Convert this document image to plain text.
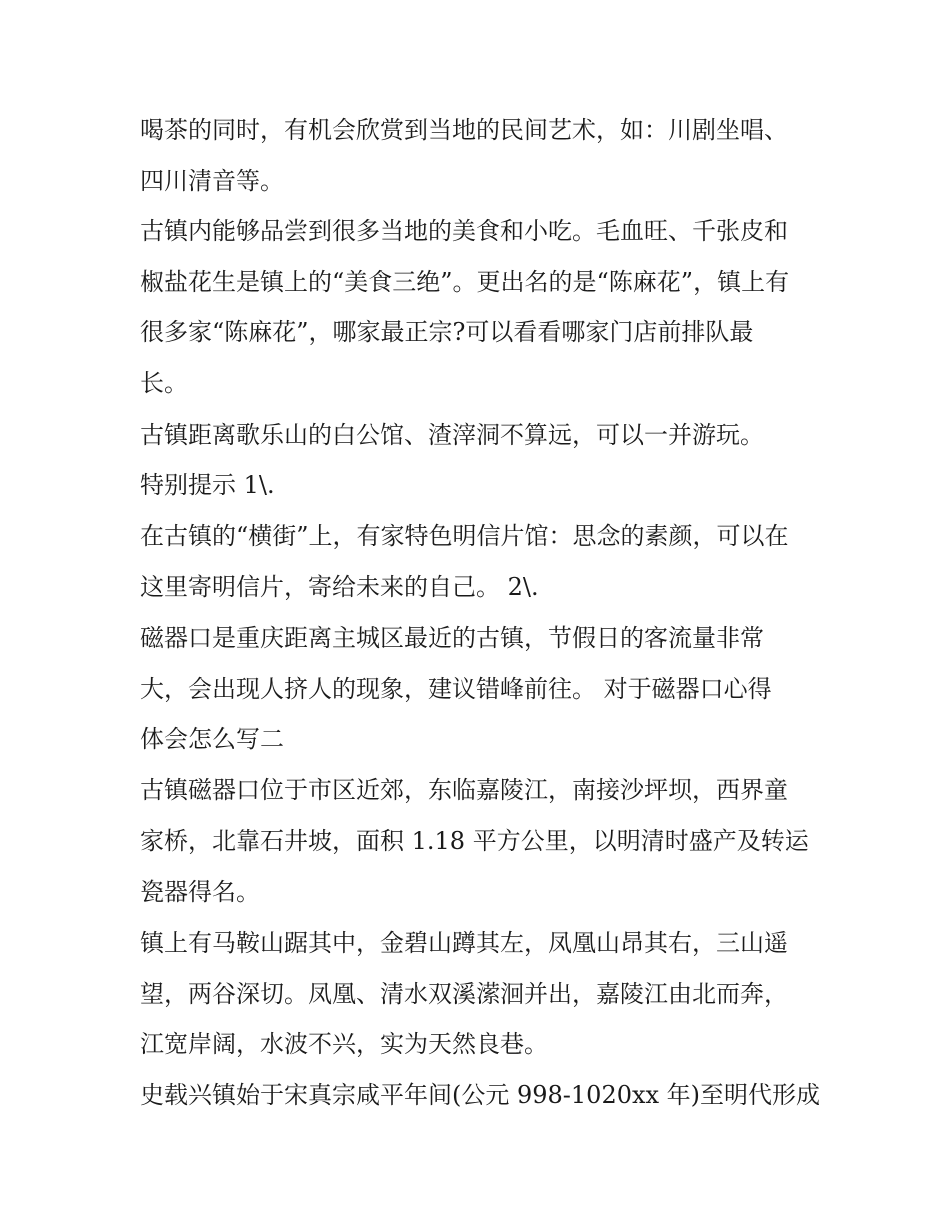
喝茶的同时，有机会欣赏到当地的民间艺术，如：川剧坐唱、
四川清音等。
古镇内能够品尝到很多当地的美食和小吃。毛血旺、千张皮和
椒盐花生是镇上的“美食三绝”。更出名的是“陈麻花”，镇上有
很多家“陈麻花”，哪家最正宗?可以看看哪家门店前排队最
长。
古镇距离歌乐山的白公馆、渣滓洞不算远，可以一并游玩。
特别提示 1\.
在古镇的“横街”上，有家特色明信片馆：思念的素颜，可以在
这里寄明信片，寄给未来的自己。 2\.
磁器口是重庆距离主城区最近的古镇，节假日的客流量非常
大，会出现人挤人的现象，建议错峰前往。 对于磁器口心得
体会怎么写二
古镇磁器口位于市区近郊，东临嘉陵江，南接沙坪坝，西界童
家桥，北靠石井坡，面积 1.18 平方公里，以明清时盛产及转运
瓷器得名。
镇上有马鞍山踞其中，金碧山蹲其左，凤凰山昂其右，三山遥
望，两谷深切。凤凰、清水双溪潆洄并出，嘉陵江由北而奔，
江宽岸阔，水波不兴，实为天然良巷。
史载兴镇始于宋真宗咸平年间(公元 998-1020xx 年)至明代形成
